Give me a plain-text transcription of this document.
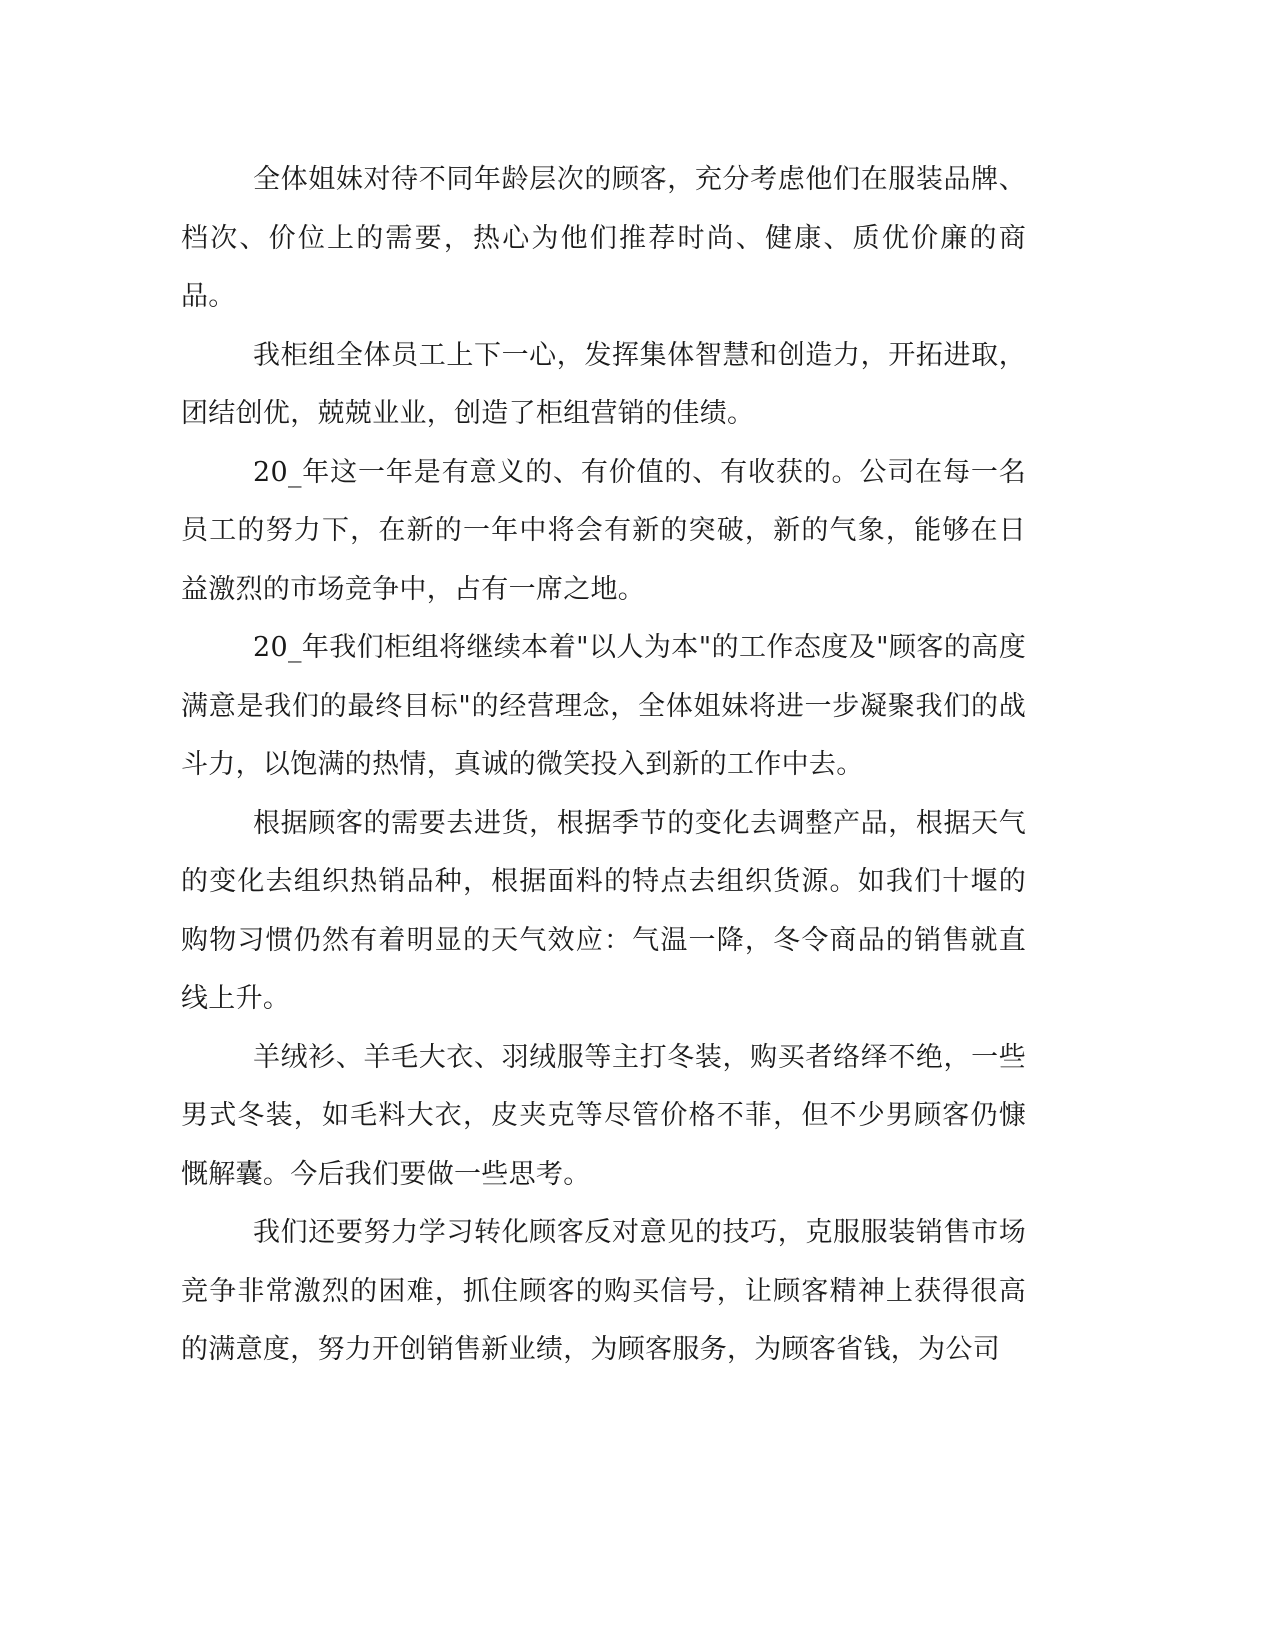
全体姐妹对待不同年龄层次的顾客，充分考虑他们在服装品牌、档次、价位上的需要，热心为他们推荐时尚、健康、质优价廉的商品。

我柜组全体员工上下一心，发挥集体智慧和创造力，开拓进取，团结创优，兢兢业业，创造了柜组营销的佳绩。

20_年这一年是有意义的、有价值的、有收获的。公司在每一名员工的努力下，在新的一年中将会有新的突破，新的气象，能够在日益激烈的市场竞争中，占有一席之地。

20_年我们柜组将继续本着"以人为本"的工作态度及"顾客的高度满意是我们的最终目标"的经营理念，全体姐妹将进一步凝聚我们的战斗力，以饱满的热情，真诚的微笑投入到新的工作中去。

根据顾客的需要去进货，根据季节的变化去调整产品，根据天气的变化去组织热销品种，根据面料的特点去组织货源。如我们十堰的购物习惯仍然有着明显的天气效应：气温一降，冬令商品的销售就直线上升。

羊绒衫、羊毛大衣、羽绒服等主打冬装，购买者络绎不绝，一些男式冬装，如毛料大衣，皮夹克等尽管价格不菲，但不少男顾客仍慷慨解囊。今后我们要做一些思考。

我们还要努力学习转化顾客反对意见的技巧，克服服装销售市场竞争非常激烈的困难，抓住顾客的购买信号，让顾客精神上获得很高的满意度，努力开创销售新业绩，为顾客服务，为顾客省钱，为公司
